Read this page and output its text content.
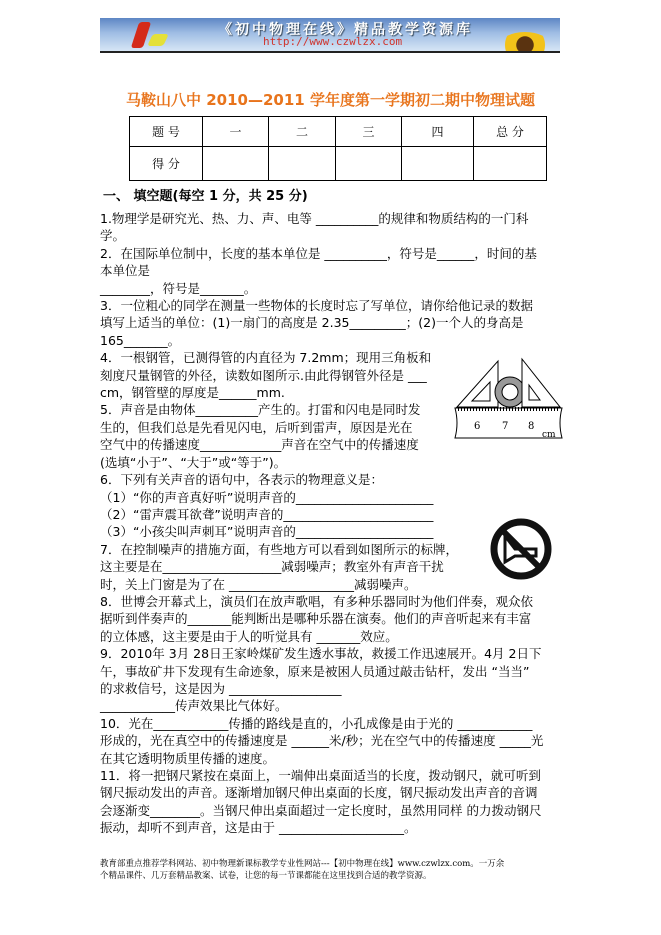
《初中物理在线》精品教学资源库
http://www.czwlzx.com
马鞍山八中 2010—2011 学年度第一学期初二期中物理试题
题 号	一	二	三	四	总 分
得 分					
一、 填空题(每空 1 分，共 25 分)
1.物理学是研究光、热、力、声、电等 __________的规律和物质结构的一门科
学。
2．在国际单位制中，长度的基本单位是 __________，符号是______，时间的基
本单位是
________，符号是_______。
3．一位粗心的同学在测量一些物体的长度时忘了写单位，请你给他记录的数据
填写上适当的单位：(1)一扇门的高度是 2.35_________；(2)一个人的身高是
165_______。
4．一根钢管，已测得管的内直径为 7.2mm；现用三角板和
刻度尺量钢管的外径，读数如图所示.由此得钢管外径是 ___
cm，钢管壁的厚度是______mm.
5．声音是由物体__________产生的。打雷和闪电是同时发
生的，但我们总是先看见闪电，后听到雷声，原因是光在
空气中的传播速度_____________声音在空气中的传播速度
(选填“小于”、“大于”或“等于”)。
6．下列有关声音的语句中，各表示的物理意义是：
（1）“你的声音真好听”说明声音的______________________
（2）“雷声震耳欲聋”说明声音的________________________
（3）“小孩尖叫声刺耳”说明声音的______________________
7．在控制噪声的措施方面，有些地方可以看到如图所示的标牌，
这主要是在___________________减弱噪声；教室外有声音干扰
时，关上门窗是为了在 ____________________减弱噪声。
8．世博会开幕式上，演员们在放声歌唱，有多种乐器同时为他们伴奏，观众依
据听到伴奏声的_______能判断出是哪种乐器在演奏。他们的声音听起来有丰富
的立体感，这主要是由于人的听觉具有 _______效应。
9．2010年 3月 28日王家岭煤矿发生透水事故，救援工作迅速展开。4月 2日下
午，事故矿井下发现有生命迹象，原来是被困人员通过敲击钻杆，发出 “当当”
的求救信号，这是因为 __________________
____________传声效果比气体好。
10．光在____________传播的路线是直的，小孔成像是由于光的 ____________
形成的，光在真空中的传播速度是 ______米/秒；光在空气中的传播速度 _____光
在其它透明物质里传播的速度。
11．将一把钢尺紧按在桌面上，一端伸出桌面适当的长度，拨动钢尺，就可听到
钢尺振动发出的声音。逐渐增加钢尺伸出桌面的长度，钢尺振动发出声音的音调
会逐渐变________。当钢尺伸出桌面超过一定长度时，虽然用同样 的力拨动钢尺
振动，却听不到声音，这是由于 ____________________。
6 7 8
cm
教育部重点推荐学科网站、初中物理新课标教学专业性网站---【初中物理在线】www.czwlzx.com。一万余
个精品课件、几万套精品教案、试卷，让您的每一节课都能在这里找到合适的教学资源。
